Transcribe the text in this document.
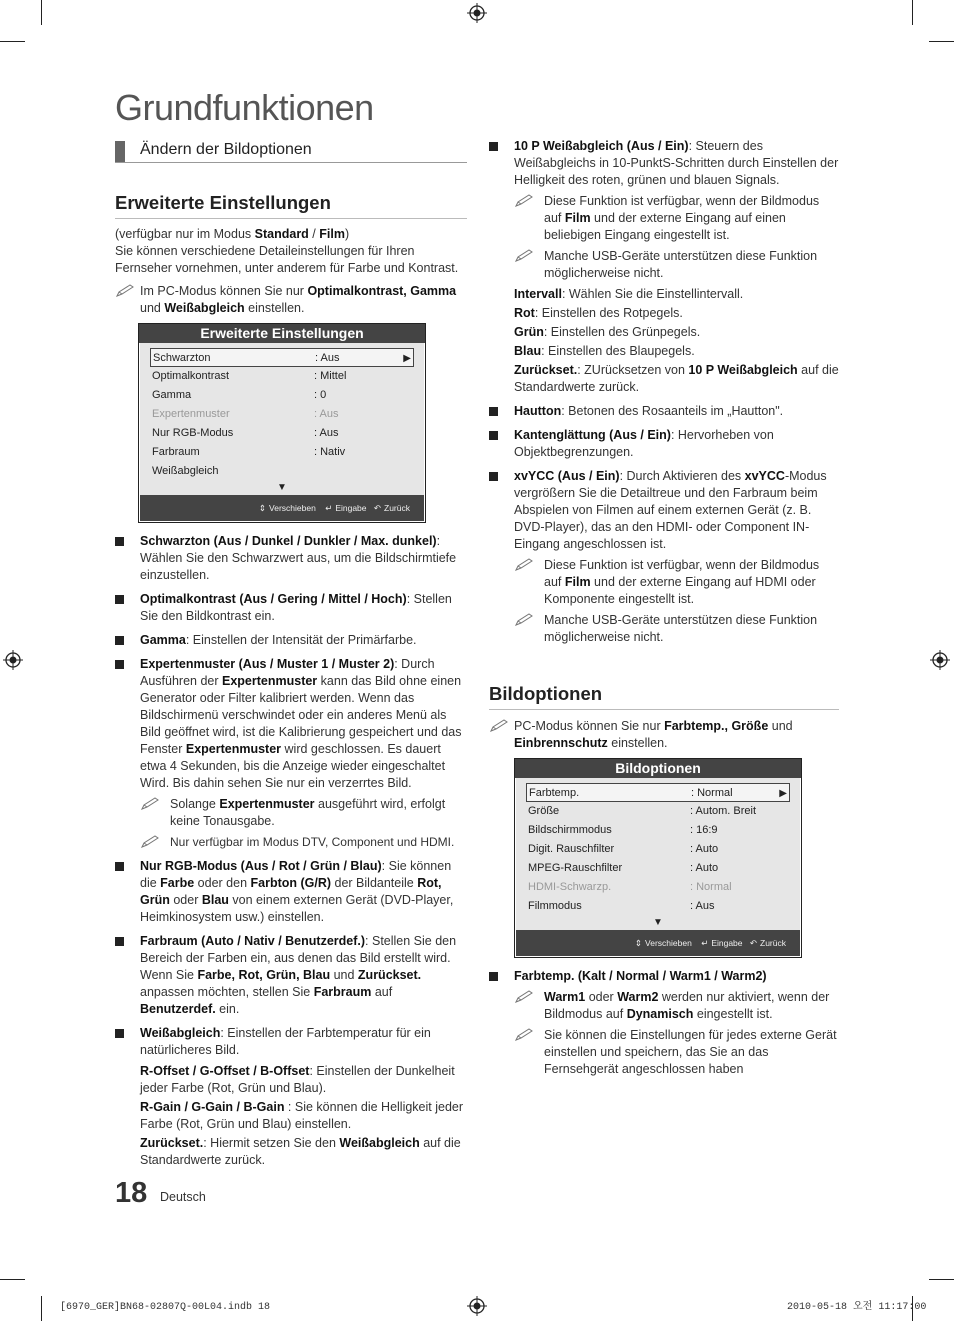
Grundfunktionen
Ändern der Bildoptionen
Erweiterte Einstellungen

(verfügbar nur im Modus Standard / Film)

Sie können verschiedene Detaileinstellungen für Ihren Fernseher vornehmen, unter anderem für Farbe und Kontrast.

Im PC-Modus können Sie nur Optimalkontrast, Gamma und Weißabgleich einstellen.
Erweiterte Einstellungen
Schwarzton	: Aus	▶
Optimalkontrast	: Mittel
Gamma	: 0
Expertenmuster	: Aus
Nur RGB-Modus	: Aus
Farbraum	: Nativ
Weißabgleich
▼
⇕ Verschieben ↵ Eingabe ↶ Zurück
Schwarzton (Aus / Dunkel / Dunkler / Max. dunkel): Wählen Sie den Schwarzwert aus, um die Bildschirmtiefe einzustellen.
Optimalkontrast (Aus / Gering / Mittel / Hoch): Stellen Sie den Bildkontrast ein.
Gamma: Einstellen der Intensität der Primärfarbe.
Expertenmuster (Aus / Muster 1 / Muster 2): Durch Ausführen der Expertenmuster kann das Bild ohne einen Generator oder Filter kalibriert werden. Wenn das Bildschirmenü verschwindet oder ein anderes Menü als Bild geöffnet wird, ist die Kalibrierung gespeichert und das Fenster Expertenmuster wird geschlossen. Es dauert etwa 4 Sekunden, bis die Anzeige wieder eingeschaltet Wird. Bis dahin sehen Sie nur ein verzerrtes Bild.
Solange Expertenmuster ausgeführt wird, erfolgt keine Tonausgabe.
Nur verfügbar im Modus DTV, Component und HDMI.
Nur RGB-Modus (Aus / Rot / Grün / Blau): Sie können die Farbe oder den Farbton (G/R) der Bildanteile Rot, Grün oder Blau von einem externen Gerät (DVD-Player, Heimkinosystem usw.) einstellen.
Farbraum (Auto / Nativ / Benutzerdef.): Stellen Sie den Bereich der Farben ein, aus denen das Bild erstellt wird. Wenn Sie Farbe, Rot, Grün, Blau und Zurückset. anpassen möchten, stellen Sie Farbraum auf Benutzerdef. ein.
Weißabgleich: Einstellen der Farbtemperatur für ein natürlicheres Bild.
R-Offset / G-Offset / B-Offset: Einstellen der Dunkelheit jeder Farbe (Rot, Grün und Blau).
R-Gain / G-Gain / B-Gain : Sie können die Helligkeit jeder Farbe (Rot, Grün und Blau) einstellen.
Zurückset.: Hiermit setzen Sie den Weißabgleich auf die Standardwerte zurück.
10 P Weißabgleich (Aus / Ein): Steuern des Weißabgleichs in 10-PunktS-Schritten durch Einstellen der Helligkeit des roten, grünen und blauen Signals.
Diese Funktion ist verfügbar, wenn der Bildmodus auf Film und der externe Eingang auf einen beliebigen Eingang eingestellt ist.
Manche USB-Geräte unterstützen diese Funktion möglicherweise nicht.
Intervall: Wählen Sie die Einstellintervall.
Rot: Einstellen des Rotpegels.
Grün: Einstellen des Grünpegels.
Blau: Einstellen des Blaupegels.
Zurückset.: ZUrücksetzen von 10 P Weißabgleich auf die Standardwerte zurück.
Hautton: Betonen des Rosaanteils im „Hautton".
Kantenglättung (Aus / Ein): Hervorheben von Objektbegrenzungen.
xvYCC (Aus / Ein): Durch Aktivieren des xvYCC-Modus vergrößern Sie die Detailtreue und den Farbraum beim Abspielen von Filmen auf einem externen Gerät (z. B. DVD-Player), das an den HDMI- oder Component IN-Eingang angeschlossen ist.
Diese Funktion ist verfügbar, wenn der Bildmodus auf Film und der externe Eingang auf HDMI oder Komponente eingestellt ist.
Manche USB-Geräte unterstützen diese Funktion möglicherweise nicht.
Bildoptionen
PC-Modus können Sie nur Farbtemp., Größe und Einbrennschutz einstellen.
Bildoptionen
Farbtemp.	: Normal	▶
Größe	: Autom. Breit
Bildschirmmodus	: 16:9
Digit. Rauschfilter	: Auto
MPEG-Rauschfilter	: Auto
HDMI-Schwarzp.	: Normal
Filmmodus	: Aus
▼
⇕ Verschieben ↵ Eingabe ↶ Zurück
Farbtemp. (Kalt / Normal / Warm1 / Warm2)
Warm1 oder Warm2 werden nur aktiviert, wenn der Bildmodus auf Dynamisch eingestellt ist.
Sie können die Einstellungen für jedes externe Gerät einstellen und speichern, das Sie an das Fernsehgerät angeschlossen haben
18 Deutsch
[6970_GER]BN68-02807Q-00L04.indb 18	2010-05-18 오전 11:17:00
